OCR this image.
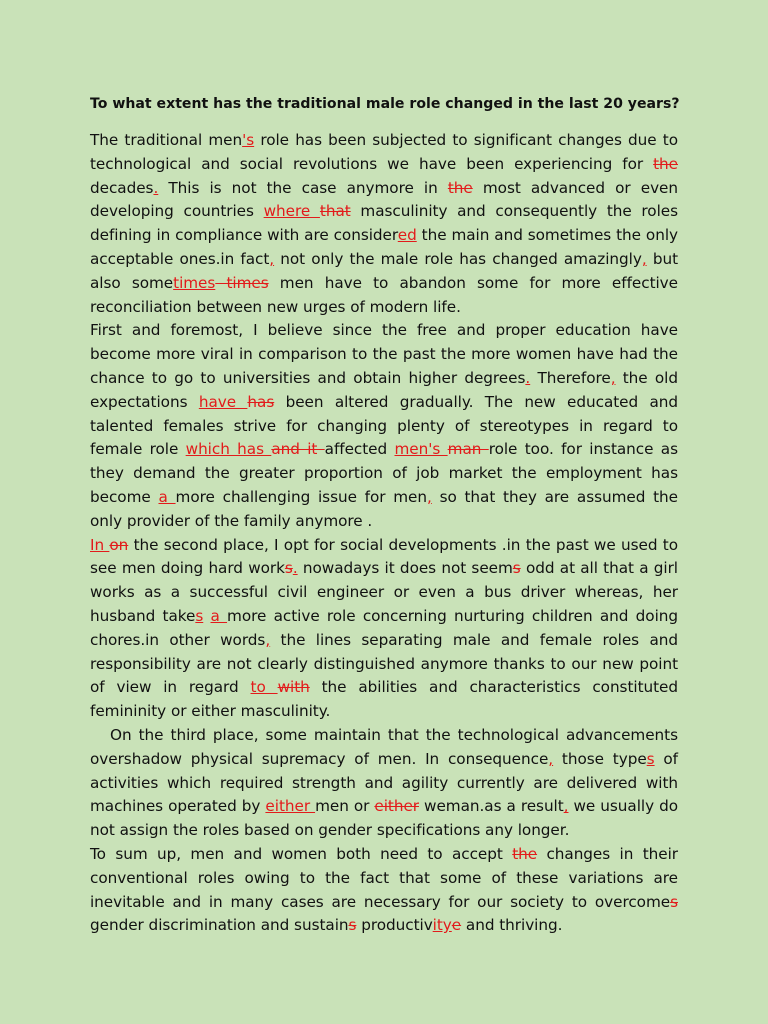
To what extent has the traditional male role changed in the last 20 years?

The traditional men's role has been subjected to significant changes due to technological and social revolutions we have been experiencing for the decades. This is not the case anymore in the most advanced or even developing countries where that masculinity and consequently the roles defining in compliance with are considered the main and sometimes the only acceptable ones.in fact, not only the male role has changed amazingly, but also sometimes times men have to abandon some for more effective reconciliation between new urges of modern life.

First and foremost, I believe since the free and proper education have become more viral in comparison to the past the more women have had the chance to go to universities and obtain higher degrees. Therefore, the old expectations have has been altered gradually. The new educated and talented females strive for changing plenty of stereotypes in regard to female role which has and it affected men's man role too. for instance as they demand the greater proportion of job market the employment has become a more challenging issue for men, so that they are assumed the only provider of the family anymore .

In on the second place, I opt for social developments .in the past we used to see men doing hard works. nowadays it does not seems odd at all that a girl works as a successful civil engineer or even a bus driver whereas, her husband takes a more active role concerning nurturing children and doing chores.in other words, the lines separating male and female roles and responsibility are not clearly distinguished anymore thanks to our new point of view in regard to with the abilities and characteristics constituted femininity or either masculinity.

On the third place, some maintain that the technological advancements overshadow physical supremacy of men. In consequence, those types of activities which required strength and agility currently are delivered with machines operated by either men or either weman.as a result, we usually do not assign the roles based on gender specifications any longer.

To sum up, men and women both need to accept the changes in their conventional roles owing to the fact that some of these variations are inevitable and in many cases are necessary for our society to overcomes gender discrimination and sustains productivitye and thriving.
